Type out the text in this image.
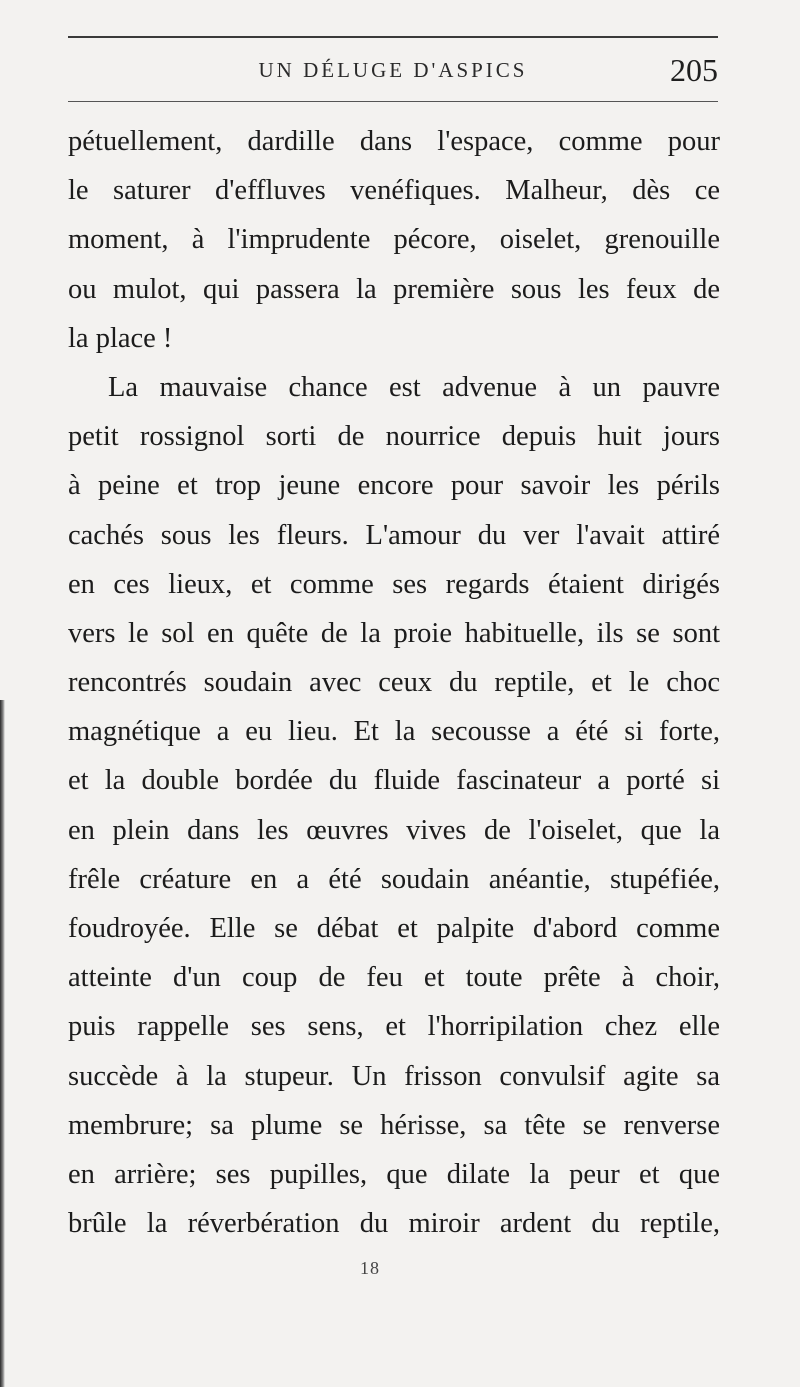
UN DÉLUGE D'ASPICS	205
pétuellement, dardille dans l'espace, comme pour
le saturer d'effluves venéfiques. Malheur, dès ce
moment, à l'imprudente pécore, oiselet, grenouille
ou mulot, qui passera la première sous les feux de
la place !
La mauvaise chance est advenue à un pauvre
petit rossignol sorti de nourrice depuis huit jours
à peine et trop jeune encore pour savoir les périls
cachés sous les fleurs. L'amour du ver l'avait attiré
en ces lieux, et comme ses regards étaient dirigés
vers le sol en quête de la proie habituelle, ils se sont
rencontrés soudain avec ceux du reptile, et le choc
magnétique a eu lieu. Et la secousse a été si forte,
et la double bordée du fluide fascinateur a porté si
en plein dans les œuvres vives de l'oiselet, que la
frêle créature en a été soudain anéantie, stupéfiée,
foudroyée. Elle se débat et palpite d'abord comme
atteinte d'un coup de feu et toute prête à choir,
puis rappelle ses sens, et l'horripilation chez elle
succède à la stupeur. Un frisson convulsif agite sa
membrure; sa plume se hérisse, sa tête se renverse
en arrière; ses pupilles, que dilate la peur et que
brûle la réverbération du miroir ardent du reptile,
18
